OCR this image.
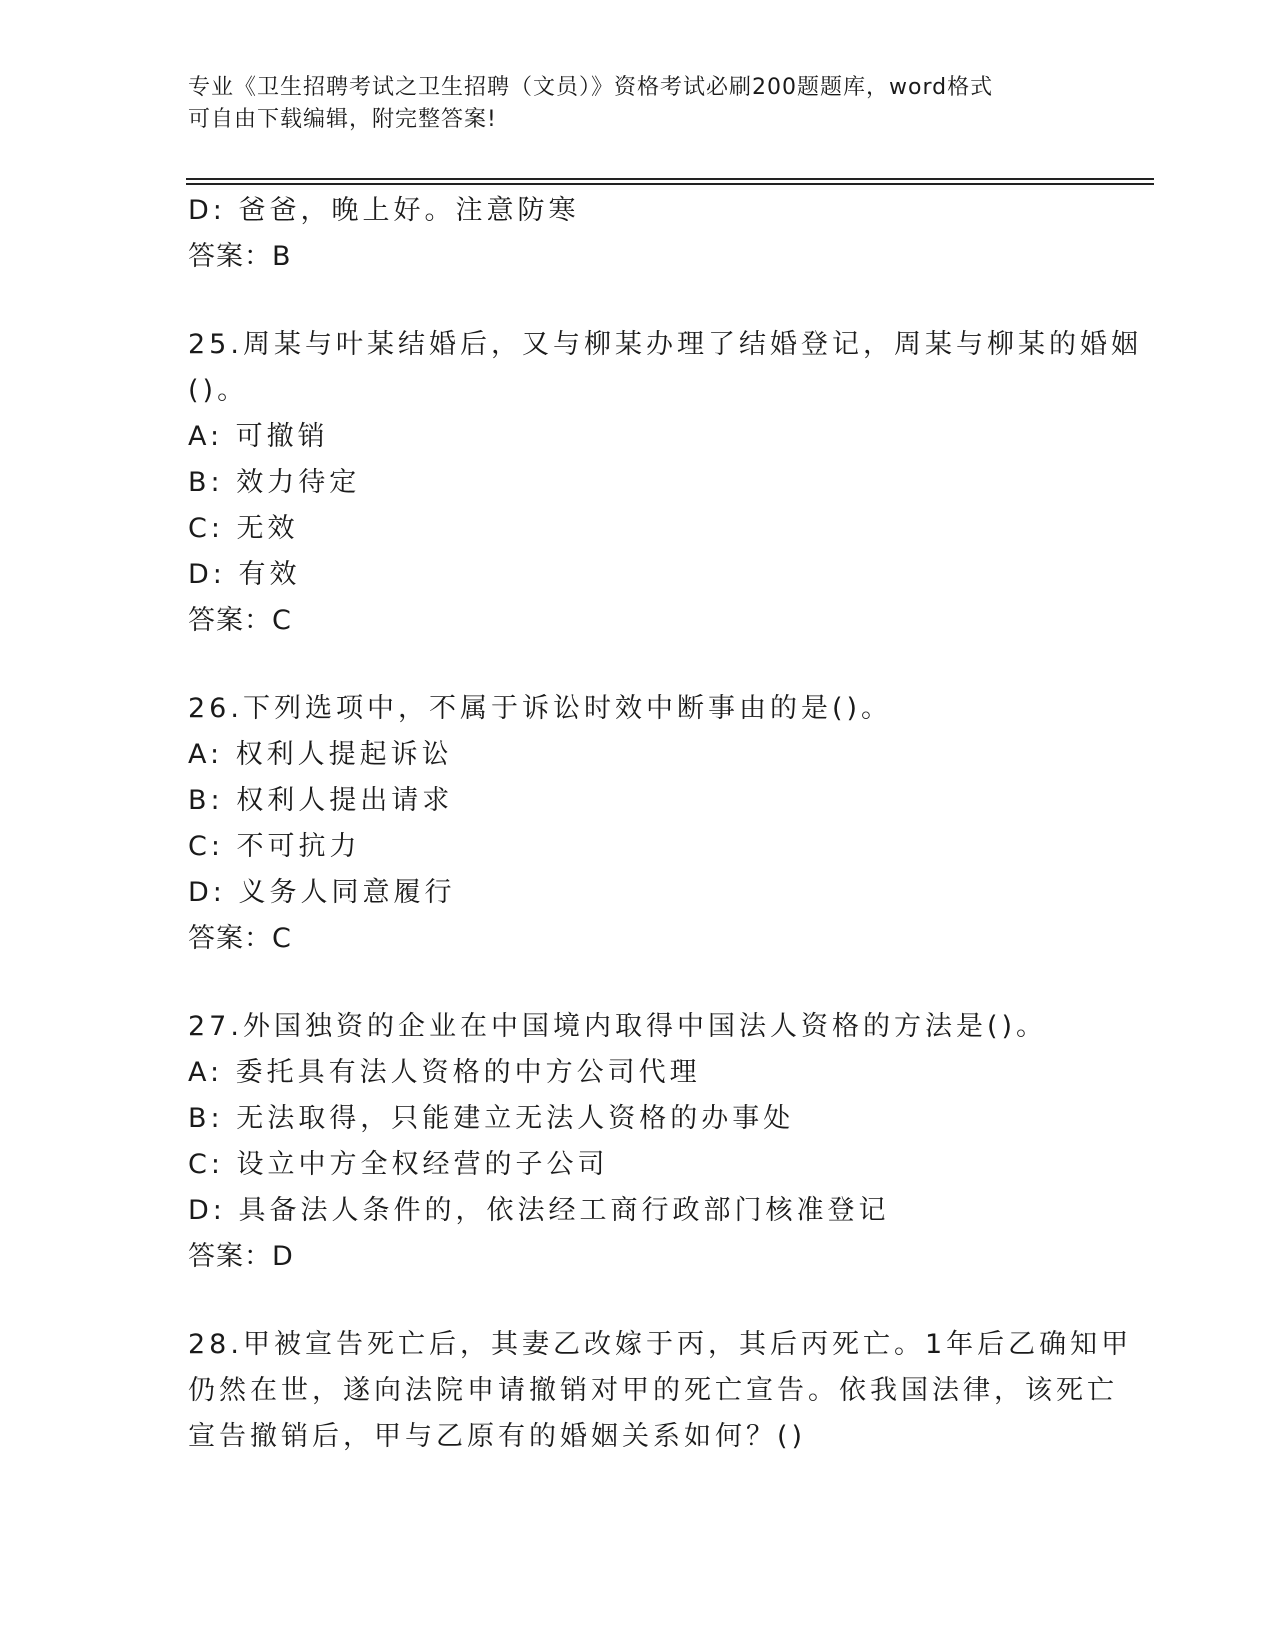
专业《卫生招聘考试之卫生招聘（文员）》资格考试必刷200题题库，word格式
可自由下载编辑，附完整答案!
D: 爸爸，晚上好。注意防寒
答案：B
25.周某与叶某结婚后，又与柳某办理了结婚登记，周某与柳某的婚姻
()。
A: 可撤销
B: 效力待定
C: 无效
D: 有效
答案：C
26.下列选项中，不属于诉讼时效中断事由的是()。
A: 权利人提起诉讼
B: 权利人提出请求
C: 不可抗力
D: 义务人同意履行
答案：C
27.外国独资的企业在中国境内取得中国法人资格的方法是()。
A: 委托具有法人资格的中方公司代理
B: 无法取得，只能建立无法人资格的办事处
C: 设立中方全权经营的子公司
D: 具备法人条件的，依法经工商行政部门核准登记
答案：D
28.甲被宣告死亡后，其妻乙改嫁于丙，其后丙死亡。1年后乙确知甲
仍然在世，遂向法院申请撤销对甲的死亡宣告。依我国法律，该死亡
宣告撤销后，甲与乙原有的婚姻关系如何？()
